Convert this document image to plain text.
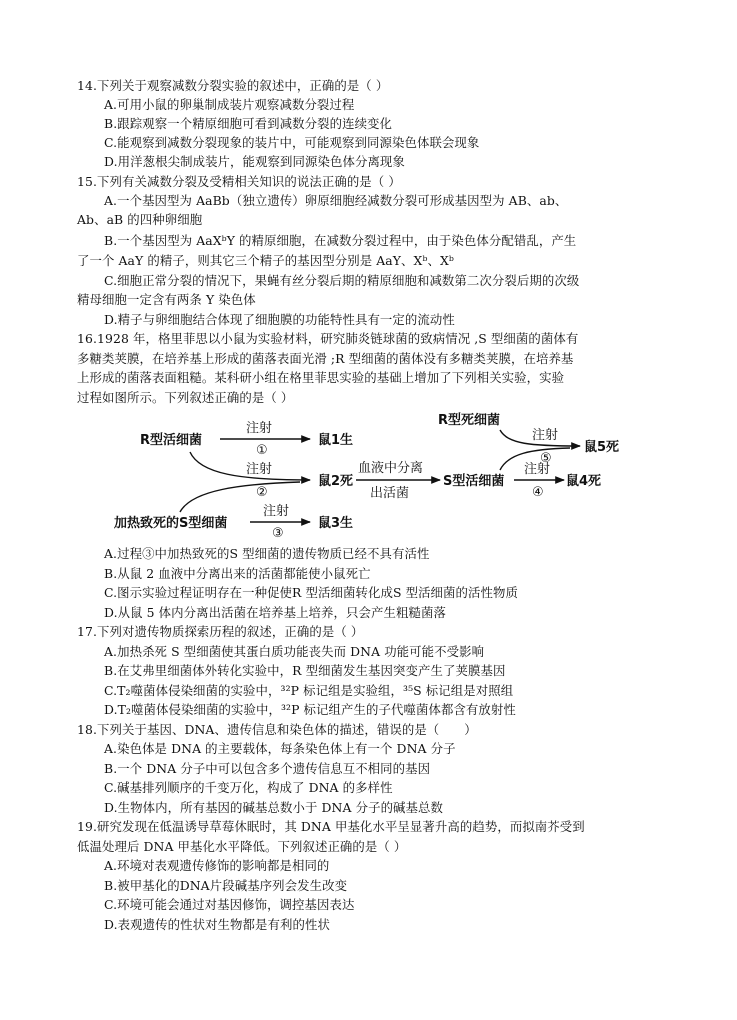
14.下列关于观察减数分裂实验的叙述中，正确的是（ ）
A.可用小鼠的卵巢制成装片观察减数分裂过程
B.跟踪观察一个精原细胞可看到减数分裂的连续变化
C.能观察到减数分裂现象的装片中，可能观察到同源染色体联会现象
D.用洋葱根尖制成装片，能观察到同源染色体分离现象
15.下列有关减数分裂及受精相关知识的说法正确的是（ ）
A.一个基因型为 AaBb（独立遗传）卵原细胞经减数分裂可形成基因型为 AB、ab、
Ab、aB 的四种卵细胞
B.一个基因型为 AaXᵇY 的精原细胞，在减数分裂过程中，由于染色体分配错乱，产生
了一个 AaY 的精子，则其它三个精子的基因型分别是 AaY、Xᵇ、Xᵇ
C.细胞正常分裂的情况下，果蝇有丝分裂后期的精原细胞和减数第二次分裂后期的次级
精母细胞一定含有两条 Y 染色体
D.精子与卵细胞结合体现了细胞膜的功能特性具有一定的流动性
16.1928 年，格里菲思以小鼠为实验材料，研究肺炎链球菌的致病情况 ,S 型细菌的菌体有
多糖类荚膜，在培养基上形成的菌落表面光滑 ;R 型细菌的菌体没有多糖类荚膜，在培养基
上形成的菌落表面粗糙。某科研小组在格里菲思实验的基础上增加了下列相关实验，实验
过程如图所示。下列叙述正确的是（ ）
R型活细菌
注射
①
鼠1生
注射
②
鼠2死
血液中分离
出活菌
S型活细菌
注射
④
鼠4死
R型死细菌
注射
⑤
鼠5死
加热致死的S型细菌
注射
③
鼠3生
A.过程③中加热致死的S 型细菌的遗传物质已经不具有活性
B.从鼠 2 血液中分离出来的活菌都能使小鼠死亡
C.图示实验过程证明存在一种促使R 型活细菌转化成S 型活细菌的活性物质
D.从鼠 5 体内分离出活菌在培养基上培养，只会产生粗糙菌落
17.下列对遗传物质探索历程的叙述，正确的是（ ）
A.加热杀死 S 型细菌使其蛋白质功能丧失而 DNA 功能可能不受影响
B.在艾弗里细菌体外转化实验中，R 型细菌发生基因突变产生了荚膜基因
C.T₂噬菌体侵染细菌的实验中，³²P 标记组是实验组，³⁵S 标记组是对照组
D.T₂噬菌体侵染细菌的实验中，³²P 标记组产生的子代噬菌体都含有放射性
18.下列关于基因、DNA、遗传信息和染色体的描述，错误的是（　　）
A.染色体是 DNA 的主要载体，每条染色体上有一个 DNA 分子
B.一个 DNA 分子中可以包含多个遗传信息互不相同的基因
C.碱基排列顺序的千变万化，构成了 DNA 的多样性
D.生物体内，所有基因的碱基总数小于 DNA 分子的碱基总数
19.研究发现在低温诱导草莓休眠时，其 DNA 甲基化水平呈显著升高的趋势，而拟南芥受到
低温处理后 DNA 甲基化水平降低。下列叙述正确的是（ ）
A.环境对表观遗传修饰的影响都是相同的
B.被甲基化的DNA片段碱基序列会发生改变
C.环境可能会通过对基因修饰，调控基因表达
D.表观遗传的性状对生物都是有利的性状
